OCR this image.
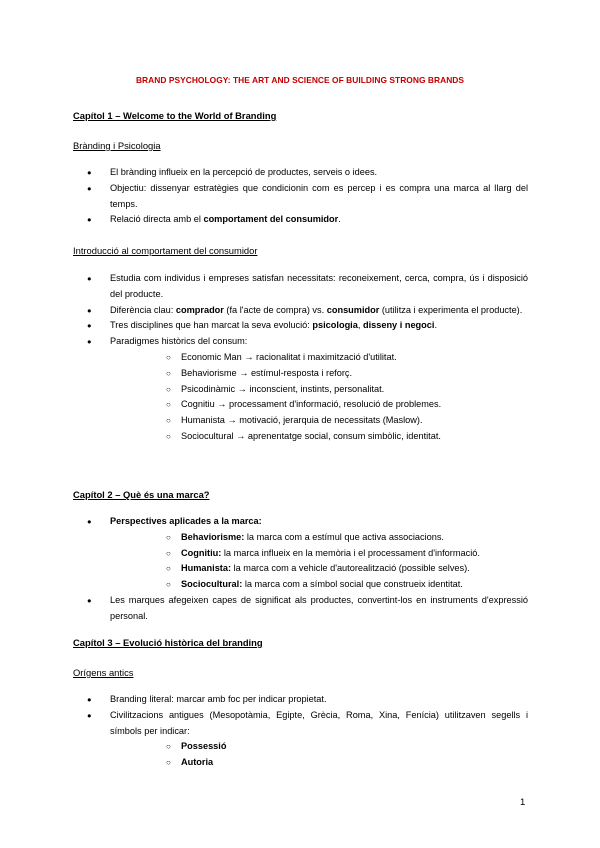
BRAND PSYCHOLOGY: THE ART AND SCIENCE OF BUILDING STRONG BRANDS
Capítol 1 – Welcome to the World of Branding
Brànding i Psicologia
● El brànding influeix en la percepció de productes, serveis o idees.
● Objectiu: dissenyar estratègies que condicionin com es percep i es compra una marca al llarg del temps.
● Relació directa amb el comportament del consumidor.
Introducció al comportament del consumidor
● Estudia com individus i empreses satisfan necessitats: reconeixement, cerca, compra, ús i disposició del producte.
● Diferència clau: comprador (fa l'acte de compra) vs. consumidor (utilitza i experimenta el producte).
● Tres disciplines que han marcat la seva evolució: psicologia, disseny i negoci.
● Paradigmes històrics del consum:
○ Economic Man → racionalitat i maximització d'utilitat.
○ Behaviorisme → estímul-resposta i reforç.
○ Psicodinàmic → inconscient, instints, personalitat.
○ Cognitiu → processament d'informació, resolució de problemes.
○ Humanista → motivació, jerarquia de necessitats (Maslow).
○ Sociocultural → aprenentatge social, consum simbòlic, identitat.
Capítol 2 – Què és una marca?
● Perspectives aplicades a la marca:
○ Behaviorisme: la marca com a estímul que activa associacions.
○ Cognitiu: la marca influeix en la memòria i el processament d'informació.
○ Humanista: la marca com a vehicle d'autorealització (possible selves).
○ Sociocultural: la marca com a símbol social que construeix identitat.
● Les marques afegeixen capes de significat als productes, convertint-los en instruments d'expressió personal.
Capítol 3 – Evolució històrica del branding
Orígens antics
● Branding literal: marcar amb foc per indicar propietat.
● Civilitzacions antigues (Mesopotàmia, Egipte, Grècia, Roma, Xina, Fenícia) utilitzaven segells i símbols per indicar:
○ Possessió
○ Autoria
1
